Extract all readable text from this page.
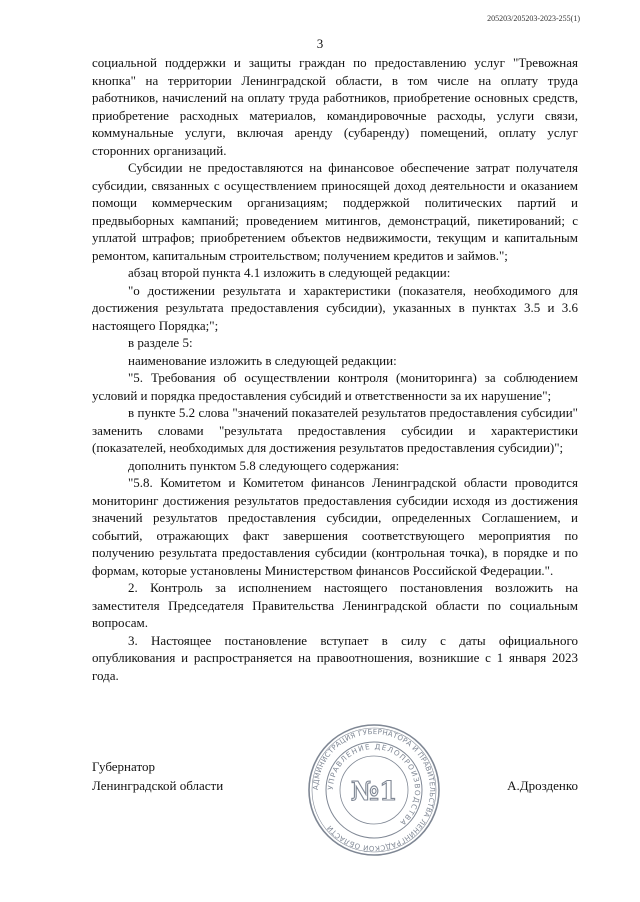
205203/205203-2023-255(1)
3

социальной поддержки и защиты граждан по предоставлению услуг "Тревожная кнопка" на территории Ленинградской области, в том числе на оплату труда работников, начислений на оплату труда работников, приобретение основных средств, приобретение расходных материалов, командировочные расходы, услуги связи, коммунальные услуги, включая аренду (субаренду) помещений, оплату услуг сторонних организаций.

Субсидии не предоставляются на финансовое обеспечение затрат получателя субсидии, связанных с осуществлением приносящей доход деятельности и оказанием помощи коммерческим организациям; поддержкой политических партий и предвыборных кампаний; проведением митингов, демонстраций, пикетирований; с уплатой штрафов; приобретением объектов недвижимости, текущим и капитальным ремонтом, капитальным строительством; получением кредитов и займов.";

абзац второй пункта 4.1 изложить в следующей редакции:

"о достижении результата и характеристики (показателя, необходимого для достижения результата предоставления субсидии), указанных в пунктах 3.5 и 3.6 настоящего Порядка;";

в разделе 5:

наименование изложить в следующей редакции:

"5. Требования об осуществлении контроля (мониторинга) за соблюдением условий и порядка предоставления субсидий и ответственности за их нарушение";

в пункте 5.2 слова "значений показателей результатов предоставления субсидии" заменить словами "результата предоставления субсидии и характеристики (показателей, необходимых для достижения результатов предоставления субсидии)";

дополнить пунктом 5.8 следующего содержания:

"5.8. Комитетом и Комитетом финансов Ленинградской области проводится мониторинг достижения результатов предоставления субсидии исходя из достижения значений результатов предоставления субсидии, определенных Соглашением, и событий, отражающих факт завершения соответствующего мероприятия по получению результата предоставления субсидии (контрольная точка), в порядке и по формам, которые установлены Министерством финансов Российской Федерации.".

2. Контроль за исполнением настоящего постановления возложить на заместителя Председателя Правительства Ленинградской области по социальным вопросам.

3. Настоящее постановление вступает в силу с даты официального опубликования и распространяется на правоотношения, возникшие с 1 января 2023 года.

Губернатор
Ленинградской области	А.Дрозденко
АДМИНИСТРАЦИЯ ГУБЕРНАТОРА И ПРАВИТЕЛЬСТВА ЛЕНИНГРАДСКОЙ ОБЛАСТИ
УПРАВЛЕНИЕ ДЕЛОПРОИЗВОДСТВА
№1
